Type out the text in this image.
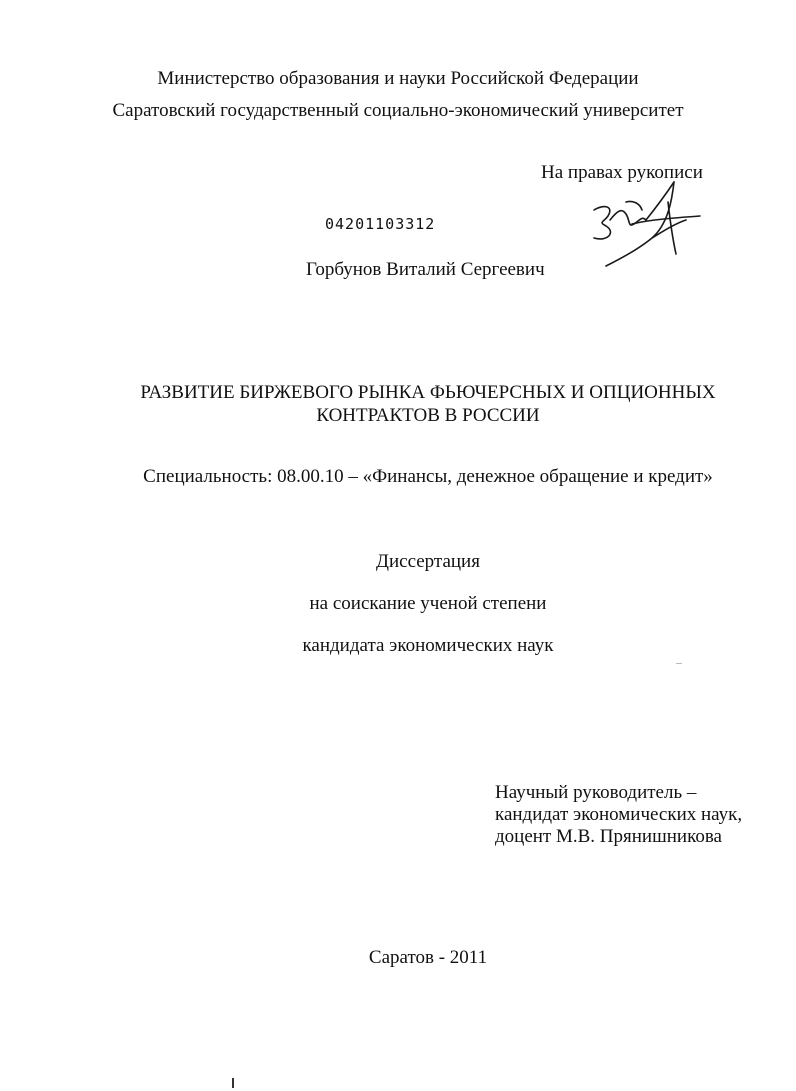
Министерство образования и науки Российской Федерации
Саратовский государственный социально-экономический университет
На правах рукописи
04201103312
Горбунов Виталий Сергеевич
РАЗВИТИЕ БИРЖЕВОГО РЫНКА ФЬЮЧЕРСНЫХ И ОПЦИОННЫХ
КОНТРАКТОВ В РОССИИ
Специальность: 08.00.10 – «Финансы, денежное обращение и кредит»
Диссертация
на соискание ученой степени
кандидата экономических наук
Научный руководитель –
кандидат экономических наук,
доцент М.В. Прянишникова
Саратов - 2011
